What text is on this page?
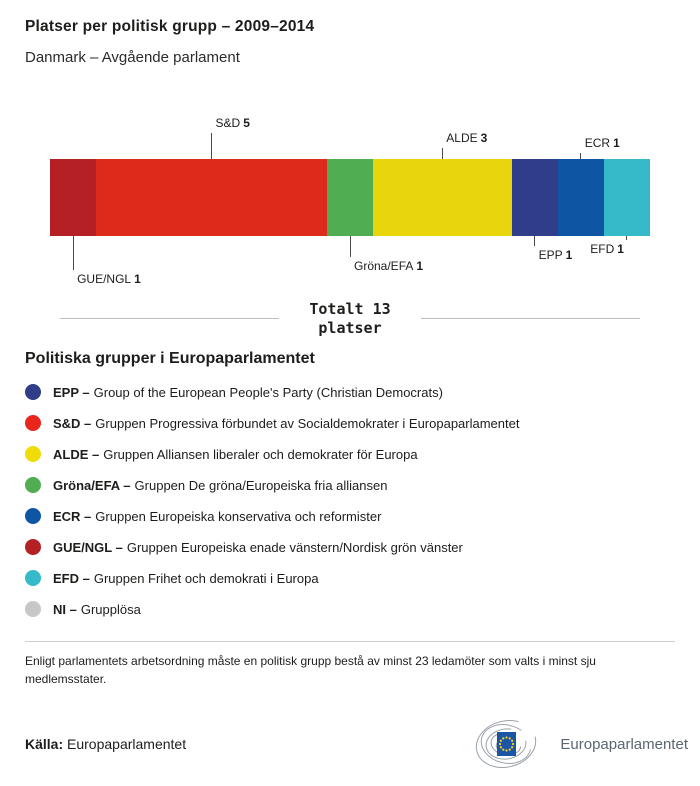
Platser per politisk grupp – 2009–2014
Danmark – Avgående parlament
GUE/NGL 1
S&D 5
Gröna/EFA 1
ALDE 3
EPP 1
ECR 1
EFD 1
Totalt 13
platser
Politiska grupper i Europaparlamentet
EPP – Group of the European People's Party (Christian Democrats)
S&D – Gruppen Progressiva förbundet av Socialdemokrater i Europaparlamentet
ALDE – Gruppen Alliansen liberaler och demokrater för Europa
Gröna/EFA – Gruppen De gröna/Europeiska fria alliansen
ECR – Gruppen Europeiska konservativa och reformister
GUE/NGL – Gruppen Europeiska enade vänstern/Nordisk grön vänster
EFD – Gruppen Frihet och demokrati i Europa
NI – Grupplösa
Enligt parlamentets arbetsordning måste en politisk grupp bestå av minst 23 ledamöter som valts i minst sju medlemsstater.
Källa: Europaparlamentet	Europaparlamentet
